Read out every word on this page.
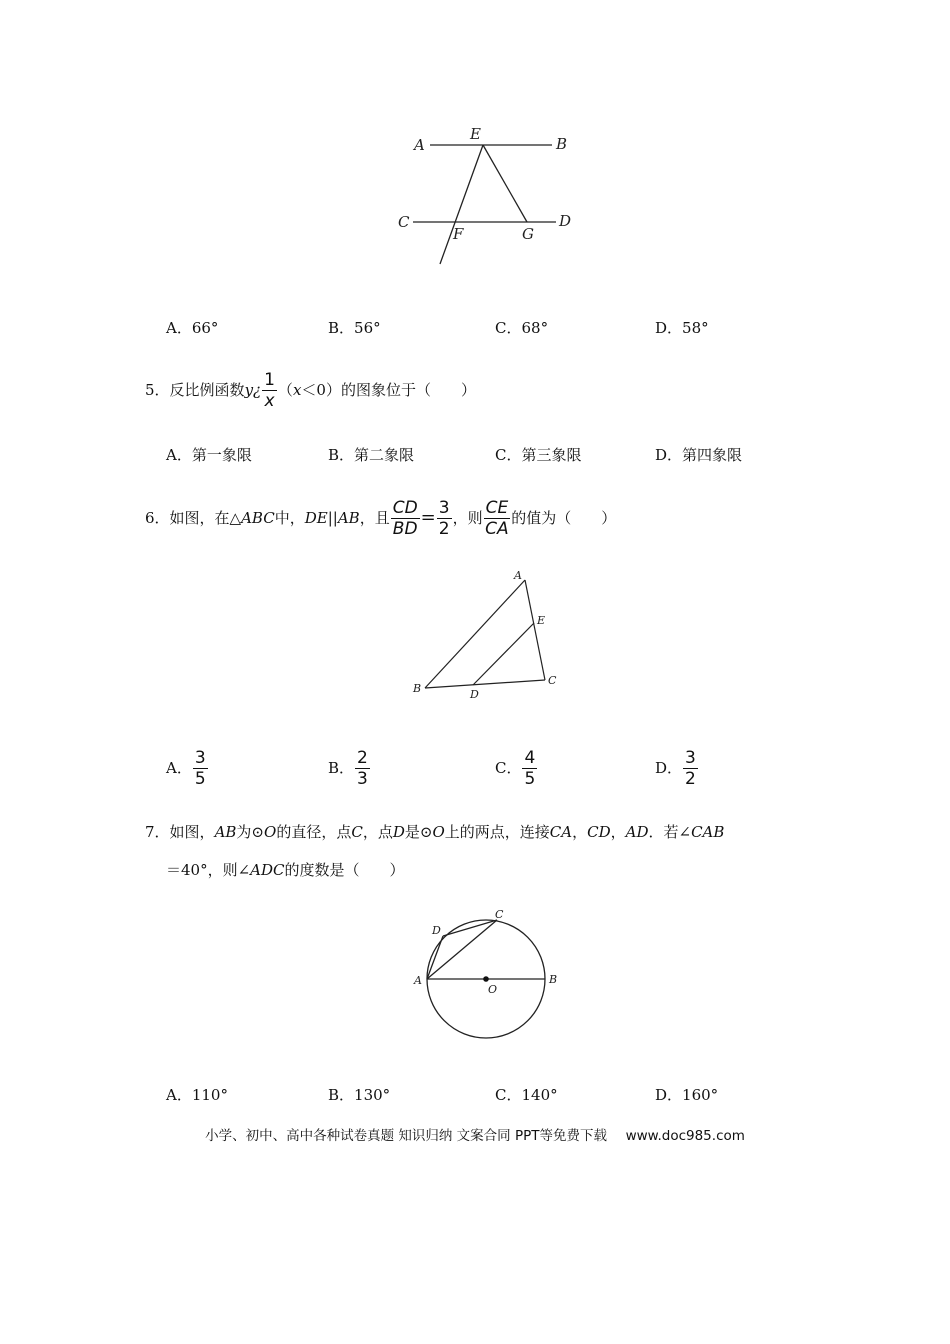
A	B
C	D
E
F	G
A．66°	B．56°	C．68°	D．58°
5． 反比例函数 y¿ $\frac{1}{x}$ （ x ＜0）的图象位于（　　）
A．第一象限	B．第二象限	C．第三象限	D．第四象限
6． 如图，在△ ABC 中， DE || AB ，且 $\frac{CD}{BD} = \frac{3}{2}$ ，则 $\frac{CE}{CA}$ 的值为（　　）
A
B
C
D
E
A． $\frac{3}{5}$	B． $\frac{2}{3}$	C． $\frac{4}{5}$	D． $\frac{3}{2}$
7．如图，AB为⊙O的直径，点C，点D是⊙O上的两点，连接CA，CD，AD．若∠CAB
＝40°，则∠ADC的度数是（　　）
A	B
C
D
O
A．110°	B．130°	C．140°	D．160°
小学、初中、高中各种试卷真题 知识归纳 文案合同 PPT等免费下载 www.doc985.com
